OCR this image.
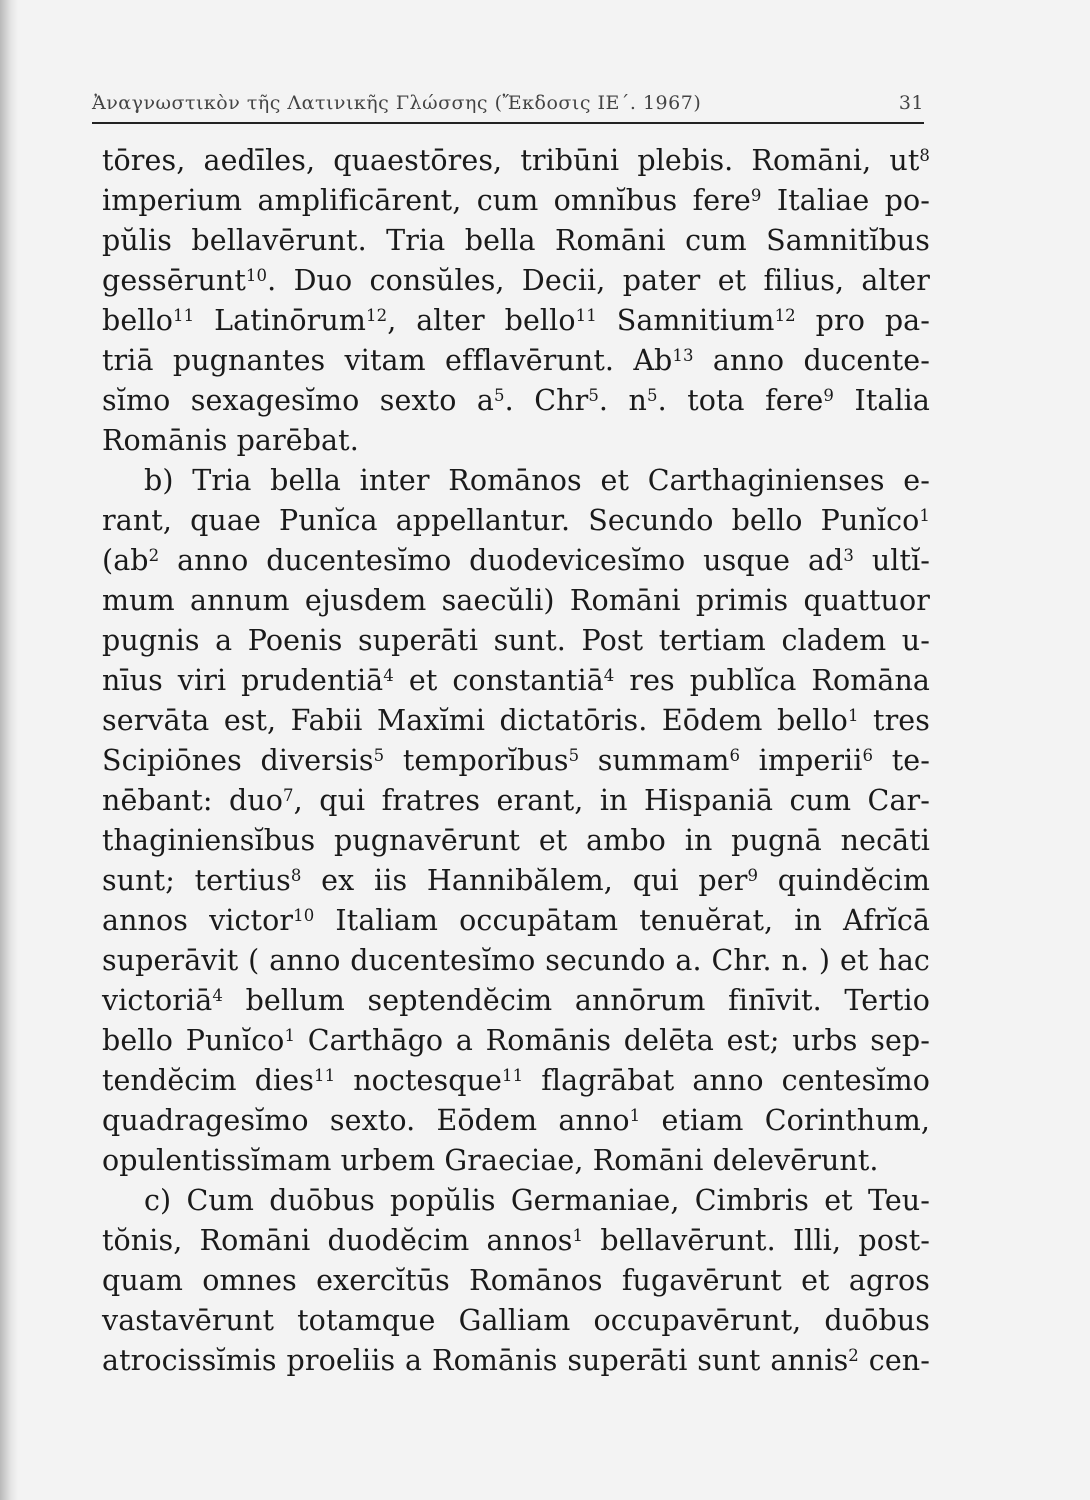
Ἀναγνωστικὸν τῆς Λατινικῆς Γλώσσης (Ἔκδοσις ΙΕ΄. 1967)	31
tōres, aedīles, quaestōres, tribūni plebis. Romāni, $ut^8$
imperium amplificārent, cum omnĭbus fere$^9$ Italiae po-
pŭlis bellavērunt. Tria bella Romāni cum Samnitĭbus
gessērunt$^{10}$. Duo consŭles, Decii, pater et filius, alter
bello$^{11}$ Latinōrum$^{12}$, alter bello$^{11}$ Samnitium$^{12}$ pro pa-
triā pugnantes vitam efflavērunt. Ab$^{13}$ anno ducente-
sĭmo sexagesĭmo sexto $a^5$. Chr$^5$. $n^5$. tota fere$^9$ Italia
Romānis parēbat.
b) Tria bella inter Romānos et Carthaginienses e-
rant, quae Punĭca appellantur. Secundo bello Punĭco$^1$
($ab^2$ anno ducentesĭmo duodevicesĭmo usque $ad^3$ ultĭ-
mum annum ejusdem saecŭli) Romāni primis quattuor
pugnis a Poenis superāti sunt. Post tertiam cladem u-
nīus viri prudentiā$^4$ et constantiā$^4$ res publĭca Romāna
servāta est, Fabii Maxĭmi dictatōris. Eōdem bello$^1$ tres
Scipiōnes diversis$^5$ temporĭbus$^5$ summam$^6$ imperii$^6$ te-
nēbant: duo$^7$, qui fratres erant, in Hispaniā cum Car-
thaginiensĭbus pugnavērunt et ambo in pugnā necāti
sunt; tertius$^8$ ex iis Hannibălem, qui per$^9$ quindĕcim
annos victor$^{10}$ Italiam occupātam tenuĕrat, in Afrĭcā
superāvit ( anno ducentesĭmo secundo a. Chr. n. ) et hac
victoriā$^4$ bellum septendĕcim annōrum finīvit. Tertio
bello Punĭco$^1$ Carthāgo a Romānis delēta est; urbs sep-
tendĕcim dies$^{11}$ noctesque$^{11}$ flagrābat anno centesĭmo
quadragesĭmo sexto. Eōdem anno$^1$ etiam Corinthum,
opulentissĭmam urbem Graeciae, Romāni delevērunt.
c) Cum duōbus popŭlis Germaniae, Cimbris et Teu-
tŏnis, Romāni duodĕcim annos$^1$ bellavērunt. Illi, post-
quam omnes exercĭtūs Romānos fugavērunt et agros
vastavērunt totamque Galliam occupavērunt, duōbus
atrocissĭmis proeliis a Romānis superāti sunt annis$^2$ cen-
